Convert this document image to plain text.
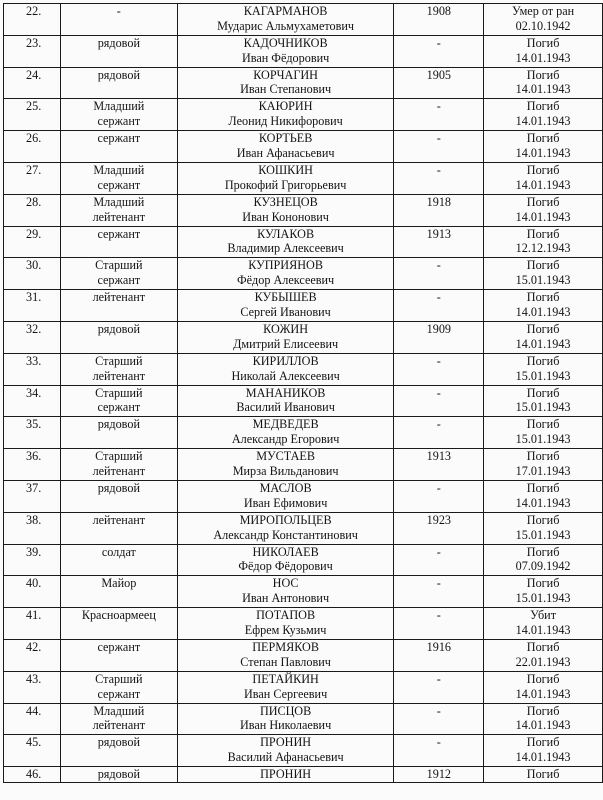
22.	-	КАГАРМАНОВ
Мударис Альмухаметович	1908	Умер от ран
02.10.1942

23.	рядовой	КАДОЧНИКОВ
Иван Фёдорович	-	Погиб
14.01.1943

24.	рядовой	КОРЧАГИН
Иван Степанович	1905	Погиб
14.01.1943

25.	Младший
сержант	КАЮРИН
Леонид Никифорович	-	Погиб
14.01.1943

26.	сержант	КОРТЬЕВ
Иван Афанасьевич	-	Погиб
14.01.1943

27.	Младший
сержант	КОШКИН
Прокофий Григорьевич	-	Погиб
14.01.1943

28.	Младший
лейтенант	КУЗНЕЦОВ
Иван Кононович	1918	Погиб
14.01.1943

29.	сержант	КУЛАКОВ
Владимир Алексеевич	1913	Погиб
12.12.1943

30.	Старший
сержант	КУПРИЯНОВ
Фёдор Алексеевич	-	Погиб
15.01.1943

31.	лейтенант	КУБЫШЕВ
Сергей Иванович	-	Погиб
14.01.1943

32.	рядовой	КОЖИН
Дмитрий Елисеевич	1909	Погиб
14.01.1943

33.	Старший
лейтенант	КИРИЛЛОВ
Николай Алексеевич	-	Погиб
15.01.1943

34.	Старший
сержант	МАНАНИКОВ
Василий Иванович	-	Погиб
15.01.1943

35.	рядовой	МЕДВЕДЕВ
Александр Егорович	-	Погиб
15.01.1943

36.	Старший
лейтенант	МУСТАЕВ
Мирза Вильданович	1913	Погиб
17.01.1943

37.	рядовой	МАСЛОВ
Иван Ефимович	-	Погиб
14.01.1943

38.	лейтенант	МИРОПОЛЬЦЕВ
Александр Константинович	1923	Погиб
15.01.1943

39.	солдат	НИКОЛАЕВ
Фёдор Фёдорович	-	Погиб
07.09.1942

40.	Майор	НОС
Иван Антонович	-	Погиб
15.01.1943

41.	Красноармеец	ПОТАПОВ
Ефрем Кузьмич	-	Убит
14.01.1943

42.	сержант	ПЕРМЯКОВ
Степан Павлович	1916	Погиб
22.01.1943

43.	Старший
сержант	ПЕТАЙКИН
Иван Сергеевич	-	Погиб
14.01.1943

44.	Младший
лейтенант	ПИСЦОВ
Иван Николаевич	-	Погиб
14.01.1943

45.	рядовой	ПРОНИН
Василий Афанасьевич	-	Погиб
14.01.1943

46.	рядовой	ПРОНИН	1912	Погиб
